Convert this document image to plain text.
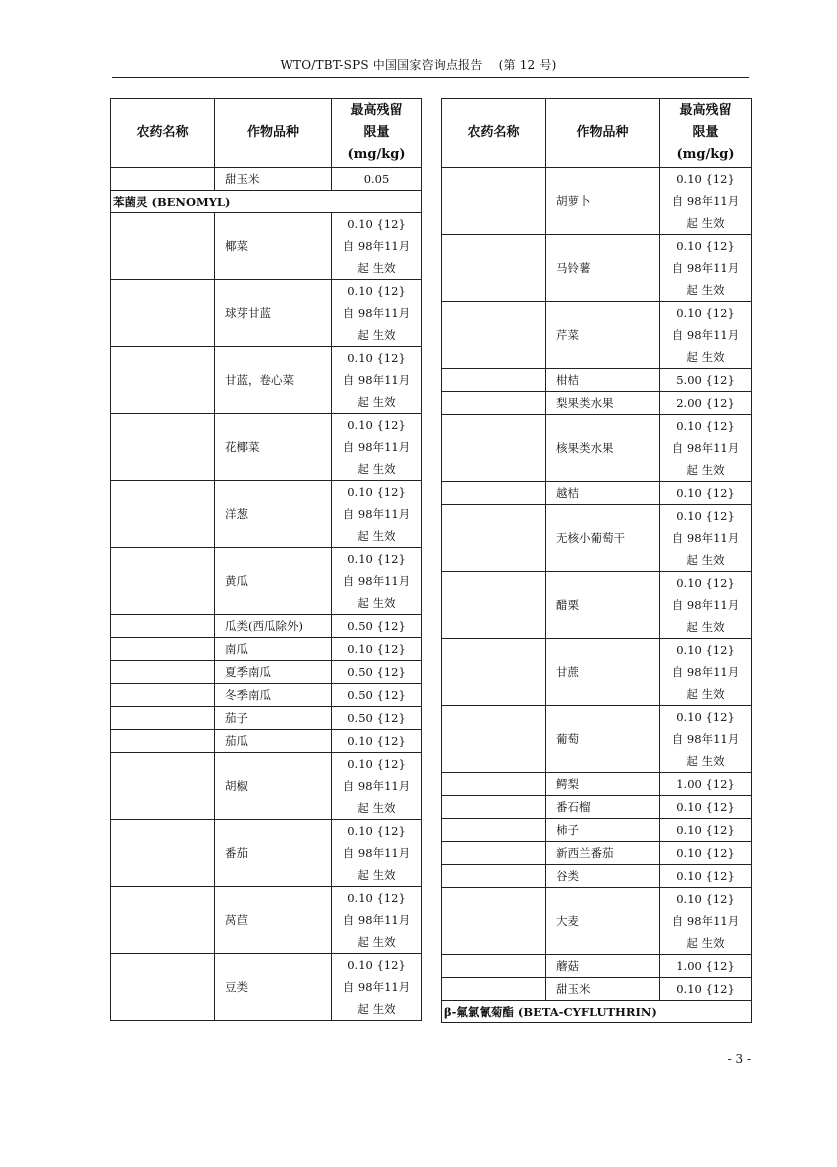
WTO/TBT-SPS 中国国家咨询点报告 (第 12 号)
农药名称	作物品种	最高残留
限量
(mg/kg)

	甜玉米	0.05
苯菌灵 (BENOMYL)		
	椰菜	0.10 {12} 自 98年11月起 生效
	球芽甘蓝	0.10 {12} 自 98年11月起 生效
	甘蓝，卷心菜	0.10 {12} 自 98年11月起 生效
	花椰菜	0.10 {12} 自 98年11月起 生效
	洋葱	0.10 {12} 自 98年11月起 生效
	黄瓜	0.10 {12} 自 98年11月起 生效
	瓜类(西瓜除外)	0.50 {12}
	南瓜	0.10 {12}
	夏季南瓜	0.50 {12}
	冬季南瓜	0.50 {12}
	茄子	0.50 {12}
	茄瓜	0.10 {12}
	胡椒	0.10 {12} 自 98年11月起 生效
	番茄	0.10 {12} 自 98年11月起 生效
	莴苣	0.10 {12} 自 98年11月起 生效
	豆类	0.10 {12} 自 98年11月起 生效
农药名称	作物品种	最高残留
限量
(mg/kg)

	胡萝卜	0.10 {12} 自 98年11月起 生效
	马铃薯	0.10 {12} 自 98年11月起 生效
	芹菜	0.10 {12} 自 98年11月起 生效
	柑桔	5.00 {12}
	梨果类水果	2.00 {12}
	核果类水果	0.10 {12} 自 98年11月起 生效
	越桔	0.10 {12}
	无核小葡萄干	0.10 {12} 自 98年11月起 生效
	醋栗	0.10 {12} 自 98年11月起 生效
	甘蔗	0.10 {12} 自 98年11月起 生效
	葡萄	0.10 {12} 自 98年11月起 生效
	鳄梨	1.00 {12}
	番石榴	0.10 {12}
	柿子	0.10 {12}
	新西兰番茄	0.10 {12}
	谷类	0.10 {12}
	大麦	0.10 {12} 自 98年11月起 生效
	蘑菇	1.00 {12}
	甜玉米	0.10 {12}
β-氟氯氰菊酯 (BETA-CYFLUTHRIN)		
- 3 -
